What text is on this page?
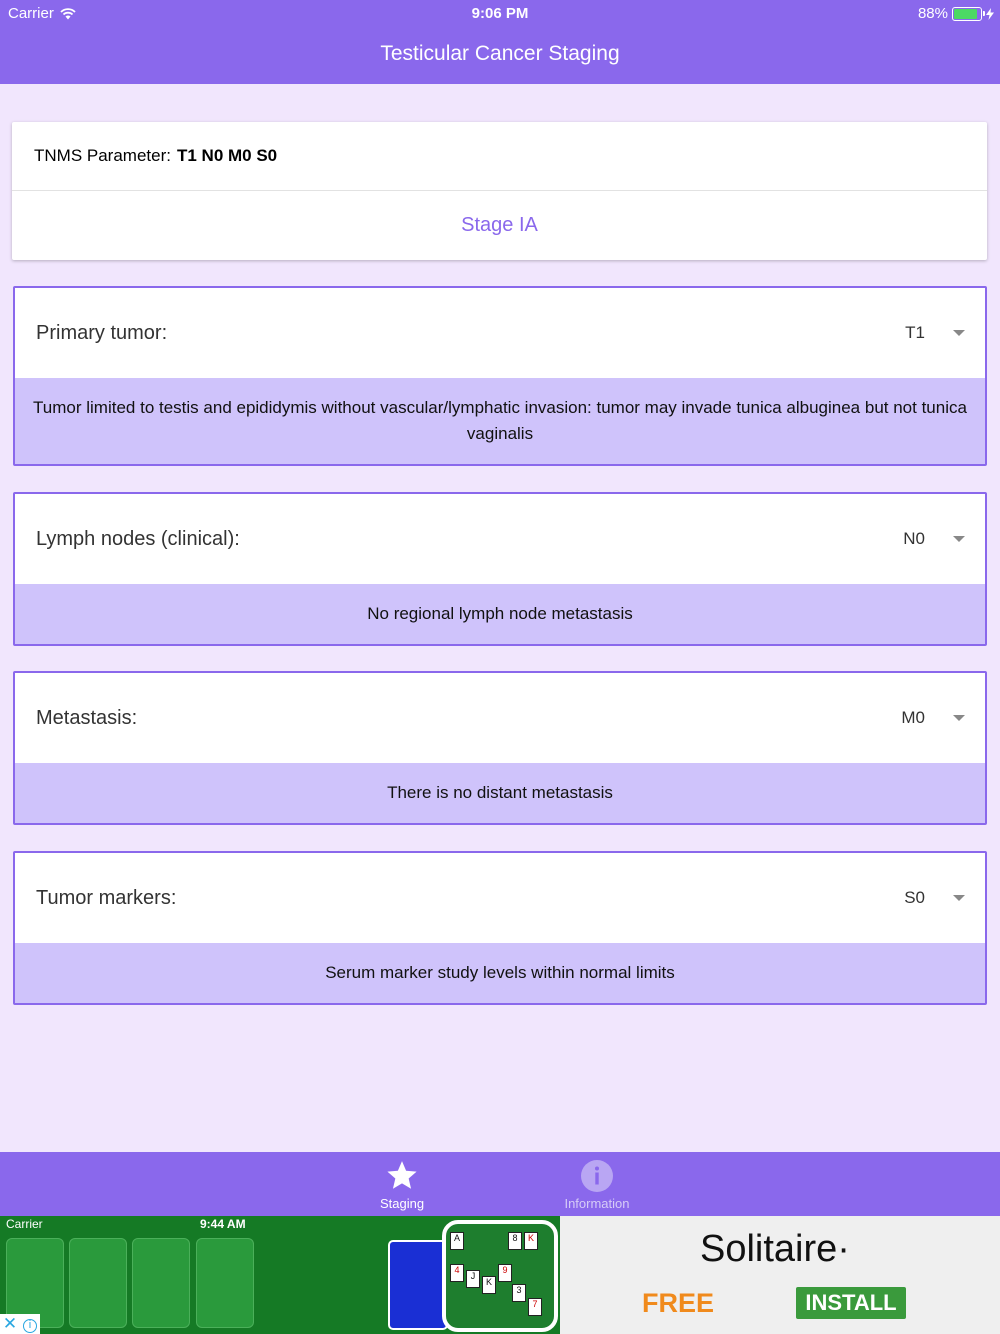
Carrier	9:06 PM	88%
Testicular Cancer Staging
TNMS Parameter: T1 N0 M0 S0
Stage IA
Primary tumor:	T1
Tumor limited to testis and epididymis without vascular/lymphatic invasion: tumor may invade tunica albuginea but not tunica vaginalis
Lymph nodes (clinical):	N0
No regional lymph node metastasis
Metastasis:	M0
There is no distant metastasis
Tumor markers:	S0
Serum marker study levels within normal limits
Staging	Information
Carrier	9:44 AM
A	8	K
4
J
K
9
3
7
Solitaire·
FREE	INSTALL
✕	i
